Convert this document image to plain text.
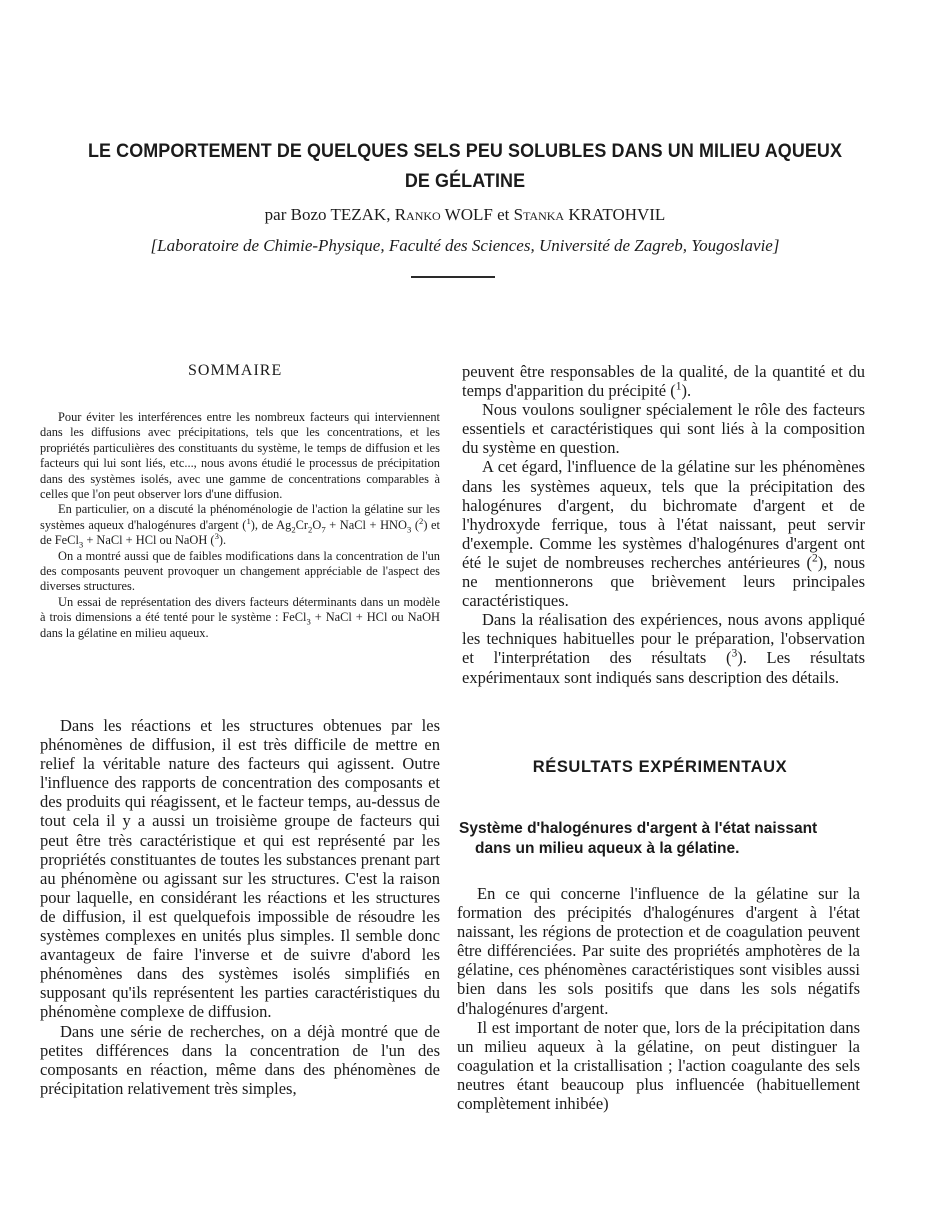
LE COMPORTEMENT DE QUELQUES SELS PEU SOLUBLES DANS UN MILIEU AQUEUX
DE GÉLATINE
par Bozo TEZAK, Ranko WOLF et Stanka KRATOHVIL
[Laboratoire de Chimie-Physique, Faculté des Sciences, Université de Zagreb, Yougoslavie]
SOMMAIRE

Pour éviter les interférences entre les nombreux facteurs qui interviennent dans les diffusions avec précipitations, tels que les concentrations, et les propriétés particulières des constituants du système, le temps de diffusion et les facteurs qui lui sont liés, etc..., nous avons étudié le processus de précipitation dans des systèmes isolés, avec une gamme de concentrations comparables à celles que l'on peut observer lors d'une diffusion.

En particulier, on a discuté la phénoménologie de l'action la gélatine sur les systèmes aqueux d'halogénures d'argent ($^1$), de $Ag_2Cr_2O_7$ + NaCl + $HNO_3$ ($^2$) et de FeCl$_3$ + NaCl + HCl ou NaOH ($^3$).

On a montré aussi que de faibles modifications dans la concentration de l'un des composants peuvent provoquer un changement appréciable de l'aspect des diverses structures.

Un essai de représentation des divers facteurs déterminants dans un modèle à trois dimensions a été tenté pour le système : FeCl$_3$ + NaCl + HCl ou NaOH dans la gélatine en milieu aqueux.

Dans les réactions et les structures obtenues par les phénomènes de diffusion, il est très difficile de mettre en relief la véritable nature des facteurs qui agissent. Outre l'influence des rapports de concentration des composants et des produits qui réagissent, et le facteur temps, au-dessus de tout cela il y a aussi un troisième groupe de facteurs qui peut être très caractéristique et qui est représenté par les propriétés constituantes de toutes les substances prenant part au phénomène ou agissant sur les structures. C'est la raison pour laquelle, en considérant les réactions et les structures de diffusion, il est quelquefois impossible de résoudre les systèmes complexes en unités plus simples. Il semble donc avantageux de faire l'inverse et de suivre d'abord les phénomènes dans des systèmes isolés simplifiés en supposant qu'ils représentent les parties caractéristiques du phénomène complexe de diffusion.

Dans une série de recherches, on a déjà montré que de petites différences dans la concentration de l'un des composants en réaction, même dans des phénomènes de précipitation relativement très simples,

peuvent être responsables de la qualité, de la quantité et du temps d'apparition du précipité ($^1$).

Nous voulons souligner spécialement le rôle des facteurs essentiels et caractéristiques qui sont liés à la composition du système en question.

A cet égard, l'influence de la gélatine sur les phénomènes dans les systèmes aqueux, tels que la précipitation des halogénures d'argent, du bichromate d'argent et de l'hydroxyde ferrique, tous à l'état naissant, peut servir d'exemple. Comme les systèmes d'halogénures d'argent ont été le sujet de nombreuses recherches antérieures ($^2$), nous ne mentionnerons que brièvement leurs principales caractéristiques.

Dans la réalisation des expériences, nous avons appliqué les techniques habituelles pour le préparation, l'observation et l'interprétation des résultats ($^3$). Les résultats expérimentaux sont indiqués sans description des détails.

RÉSULTATS EXPÉRIMENTAUX
Système d'halogénures d'argent à l'état naissant
dans un milieu aqueux à la gélatine.

En ce qui concerne l'influence de la gélatine sur la formation des précipités d'halogénures d'argent à l'état naissant, les régions de protection et de coagulation peuvent être différenciées. Par suite des propriétés amphotères de la gélatine, ces phénomènes caractéristiques sont visibles aussi bien dans les sols positifs que dans les sols négatifs d'halogénures d'argent.

Il est important de noter que, lors de la précipitation dans un milieu aqueux à la gélatine, on peut distinguer la coagulation et la cristallisation ; l'action coagulante des sels neutres étant beaucoup plus influencée (habituellement complètement inhibée)
